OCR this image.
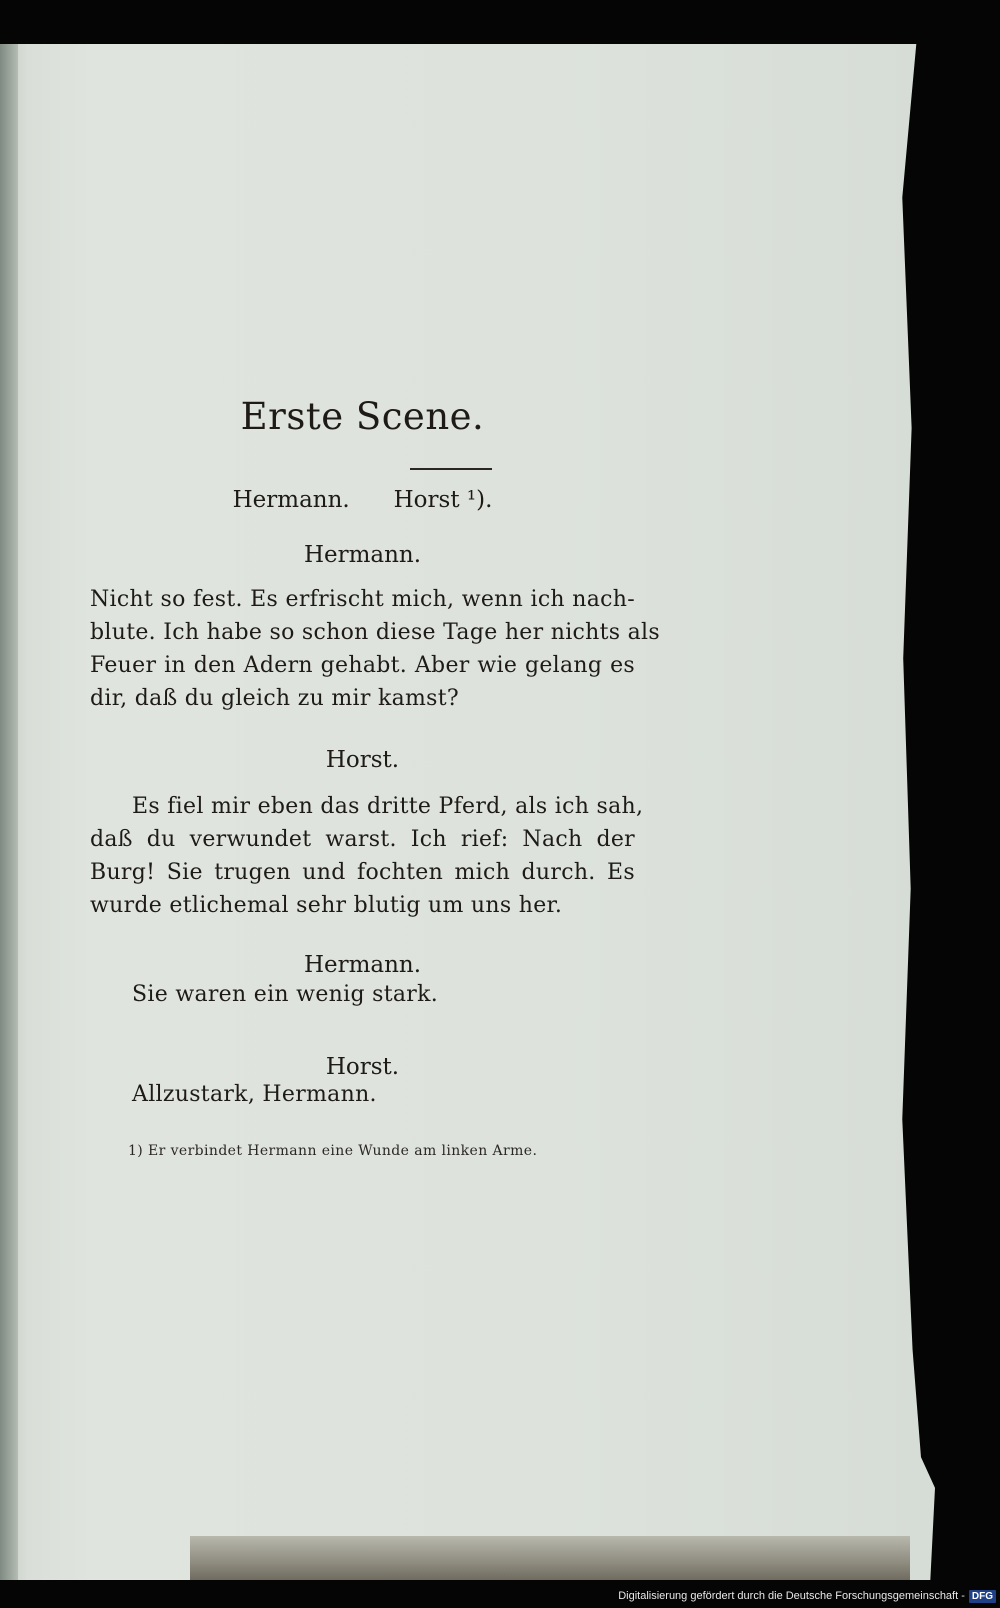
Erste Scene.
Hermann.      Horst ¹).
Hermann.
Nicht so fest. Es erfrischt mich, wenn ich nach-
blute. Ich habe so schon diese Tage her nichts als
Feuer in den Adern gehabt. Aber wie gelang es
dir, daß du gleich zu mir kamst?
Horst.
Es fiel mir eben das dritte Pferd, als ich sah,
daß du verwundet warst. Ich rief: Nach der
Burg! Sie trugen und fochten mich durch. Es
wurde etlichemal sehr blutig um uns her.
Hermann.
Sie waren ein wenig stark.
Horst.
Allzustark, Hermann.
1) Er verbindet Hermann eine Wunde am linken Arme.
Digitalisierung gefördert durch die Deutsche Forschungsgemeinschaft - DFG
